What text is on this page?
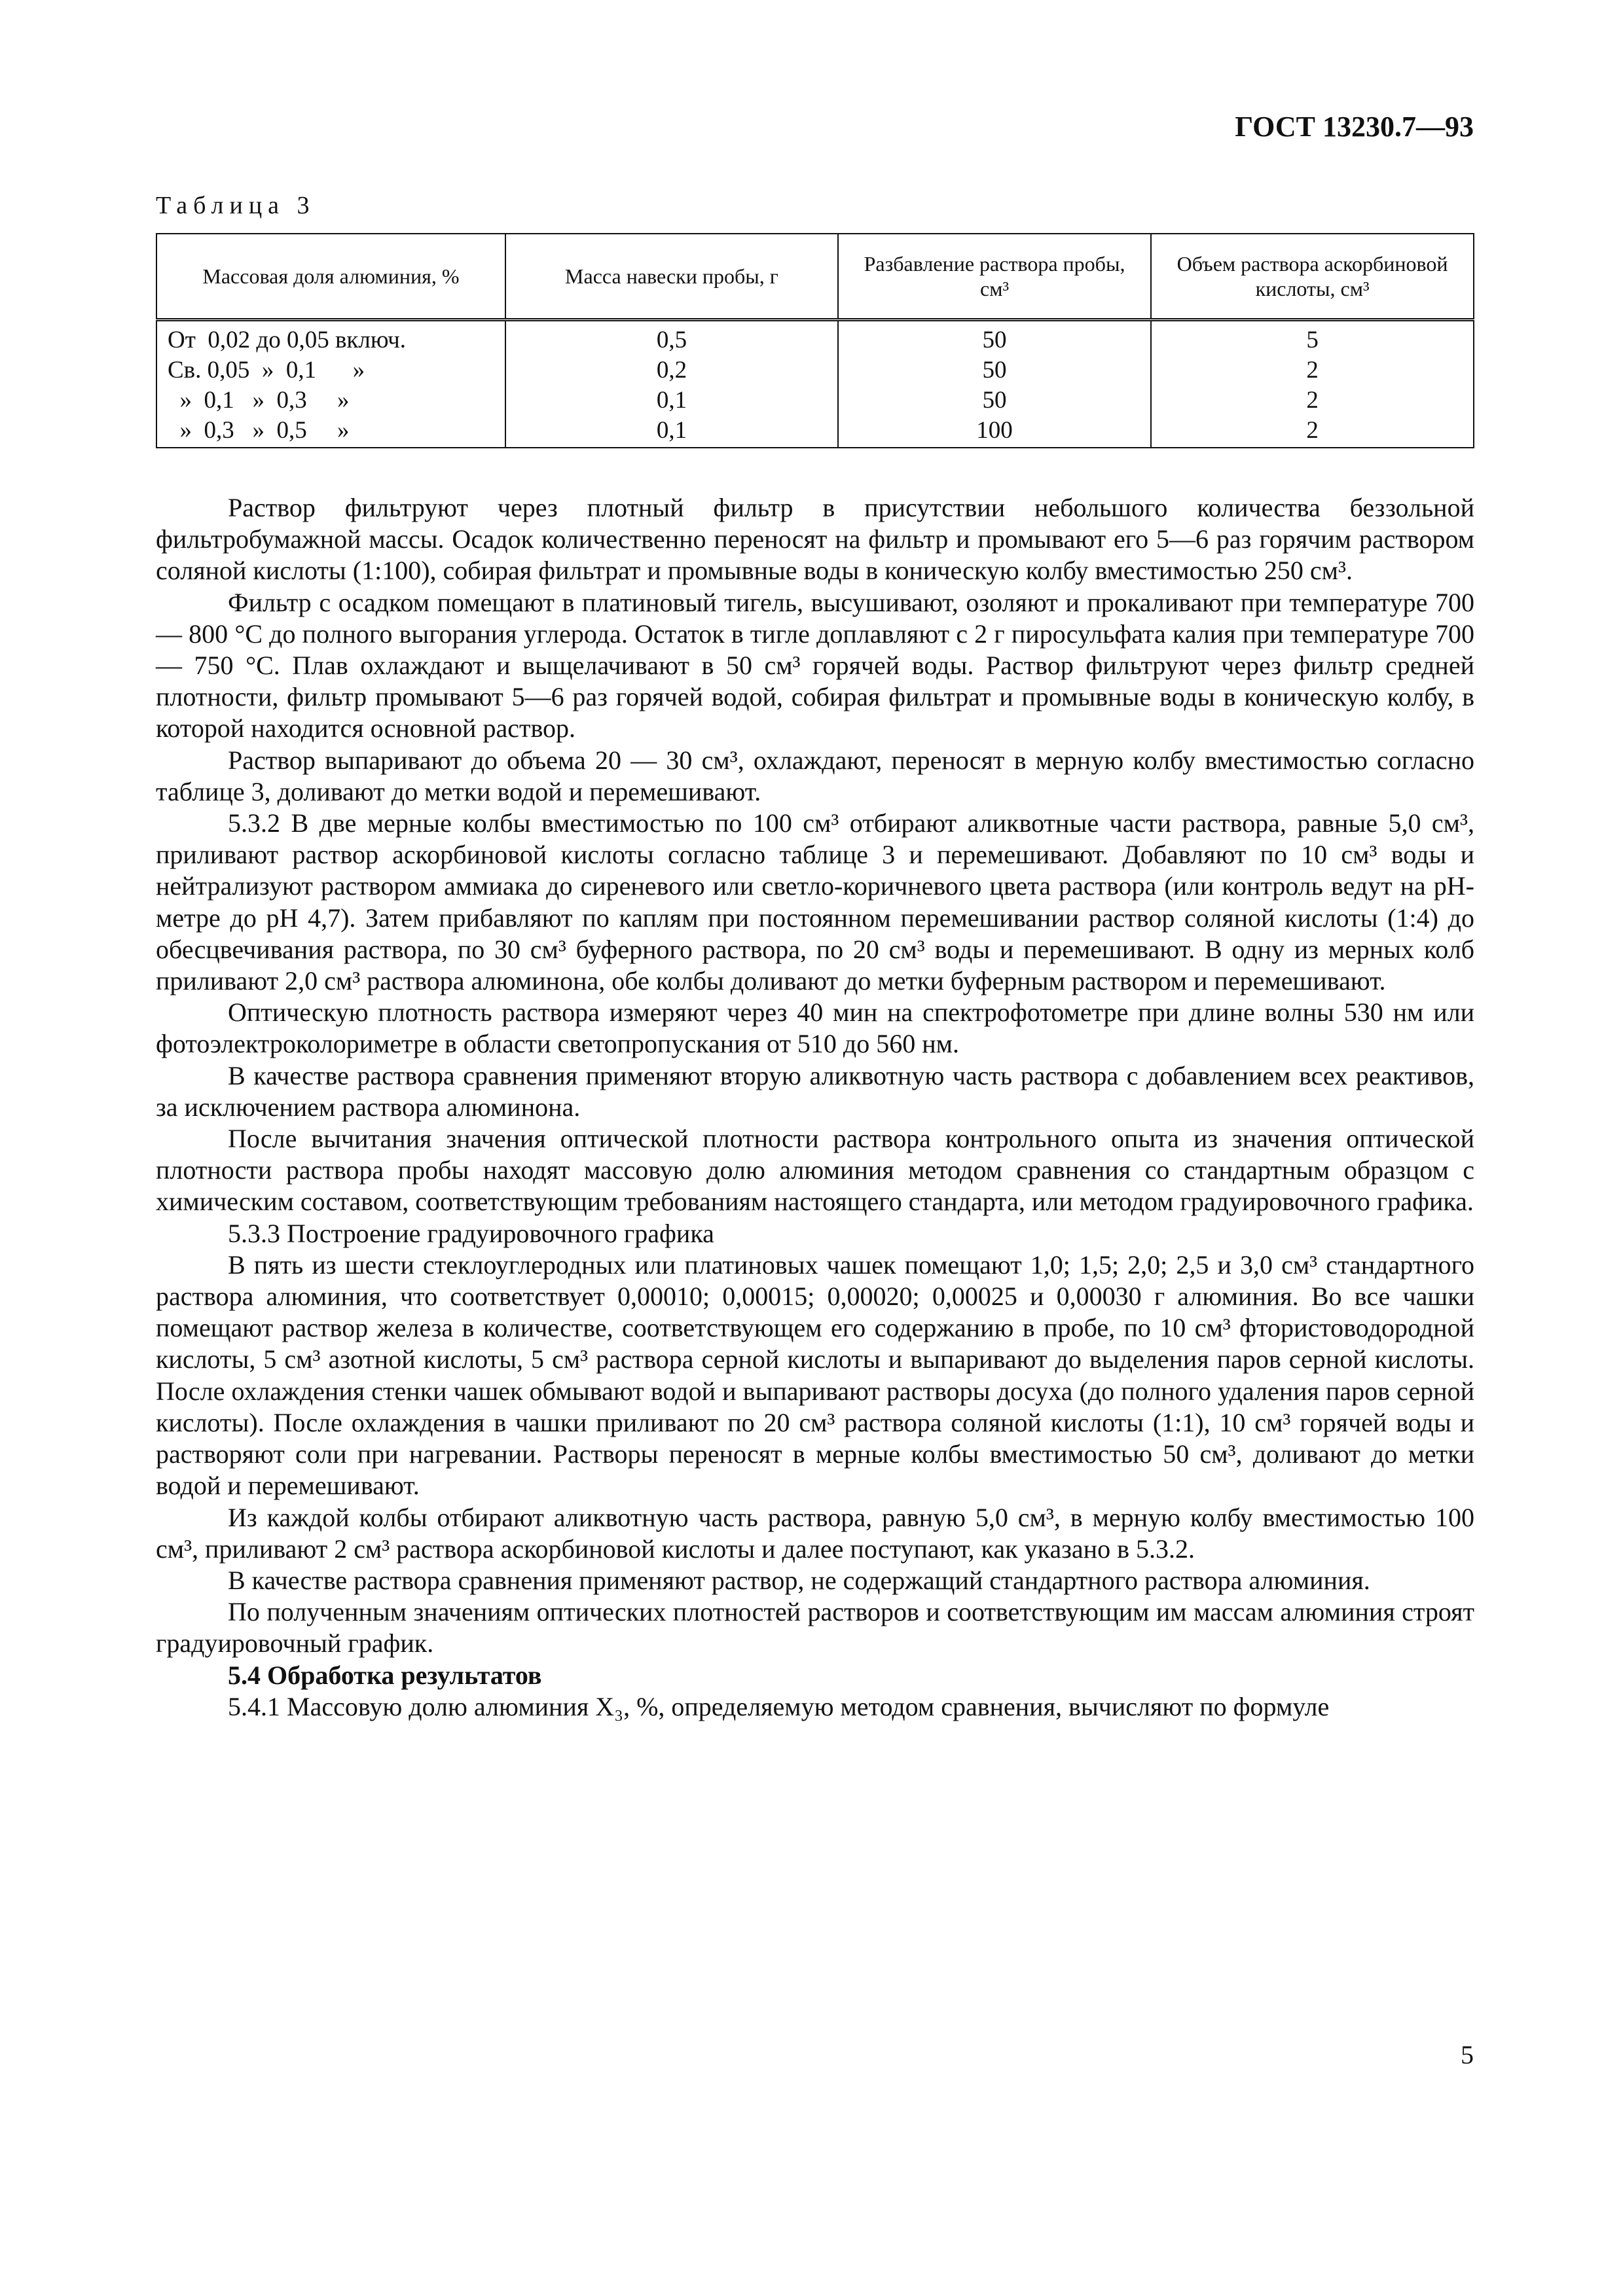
ГОСТ 13230.7—93
Таблица 3
Массовая доля алюминия, %	Масса навески пробы, г	Разбавление раствора пробы, см³	Объем раствора аскорбиновой кислоты, см³
От  0,02 до 0,05 включ.	0,5	50	5
Св. 0,05  »  0,1      »	0,2	50	2
»  0,1   »  0,3     »	0,1	50	2
»  0,3   »  0,5     »	0,1	100	2

Раствор фильтруют через плотный фильтр в присутствии небольшого количества беззольной фильтробумажной массы. Осадок количественно переносят на фильтр и промывают его 5—6 раз горячим раствором соляной кислоты (1:100), собирая фильтрат и промывные воды в коническую колбу вместимостью 250 см³.

Фильтр с осадком помещают в платиновый тигель, высушивают, озоляют и прокаливают при температуре 700 — 800 °C до полного выгорания углерода. Остаток в тигле доплавляют с 2 г пиросульфата калия при температуре 700 — 750 °C. Плав охлаждают и выщелачивают в 50 см³ горячей воды. Раствор фильтруют через фильтр средней плотности, фильтр промывают 5—6 раз горячей водой, собирая фильтрат и промывные воды в коническую колбу, в которой находится основной раствор.

Раствор выпаривают до объема 20 — 30 см³, охлаждают, переносят в мерную колбу вместимостью согласно таблице 3, доливают до метки водой и перемешивают.

5.3.2 В две мерные колбы вместимостью по 100 см³ отбирают аликвотные части раствора, равные 5,0 см³, приливают раствор аскорбиновой кислоты согласно таблице 3 и перемешивают. Добавляют по 10 см³ воды и нейтрализуют раствором аммиака до сиреневого или светло-коричневого цвета раствора (или контроль ведут на pH-метре до pH 4,7). Затем прибавляют по каплям при постоянном перемешивании раствор соляной кислоты (1:4) до обесцвечивания раствора, по 30 см³ буферного раствора, по 20 см³ воды и перемешивают. В одну из мерных колб приливают 2,0 см³ раствора алюминона, обе колбы доливают до метки буферным раствором и перемешивают.

Оптическую плотность раствора измеряют через 40 мин на спектрофотометре при длине волны 530 нм или фотоэлектроколориметре в области светопропускания от 510 до 560 нм.

В качестве раствора сравнения применяют вторую аликвотную часть раствора с добавлением всех реактивов, за исключением раствора алюминона.

После вычитания значения оптической плотности раствора контрольного опыта из значения оптической плотности раствора пробы находят массовую долю алюминия методом сравнения со стандартным образцом с химическим составом, соответствующим требованиям настоящего стандарта, или методом градуировочного графика.

5.3.3 Построение градуировочного графика

В пять из шести стеклоуглеродных или платиновых чашек помещают 1,0; 1,5; 2,0; 2,5 и 3,0 см³ стандартного раствора алюминия, что соответствует 0,00010; 0,00015; 0,00020; 0,00025 и 0,00030 г алюминия. Во все чашки помещают раствор железа в количестве, соответствующем его содержанию в пробе, по 10 см³ фтористоводородной кислоты, 5 см³ азотной кислоты, 5 см³ раствора серной кислоты и выпаривают до выделения паров серной кислоты. После охлаждения стенки чашек обмывают водой и выпаривают растворы досуха (до полного удаления паров серной кислоты). После охлаждения в чашки приливают по 20 см³ раствора соляной кислоты (1:1), 10 см³ горячей воды и растворяют соли при нагревании. Растворы переносят в мерные колбы вместимостью 50 см³, доливают до метки водой и перемешивают.

Из каждой колбы отбирают аликвотную часть раствора, равную 5,0 см³, в мерную колбу вместимостью 100 см³, приливают 2 см³ раствора аскорбиновой кислоты и далее поступают, как указано в 5.3.2.

В качестве раствора сравнения применяют раствор, не содержащий стандартного раствора алюминия.

По полученным значениям оптических плотностей растворов и соответствующим им массам алюминия строят градуировочный график.

5.4 Обработка результатов

5.4.1 Массовую долю алюминия X₃, %, определяемую методом сравнения, вычисляют по формуле

5
